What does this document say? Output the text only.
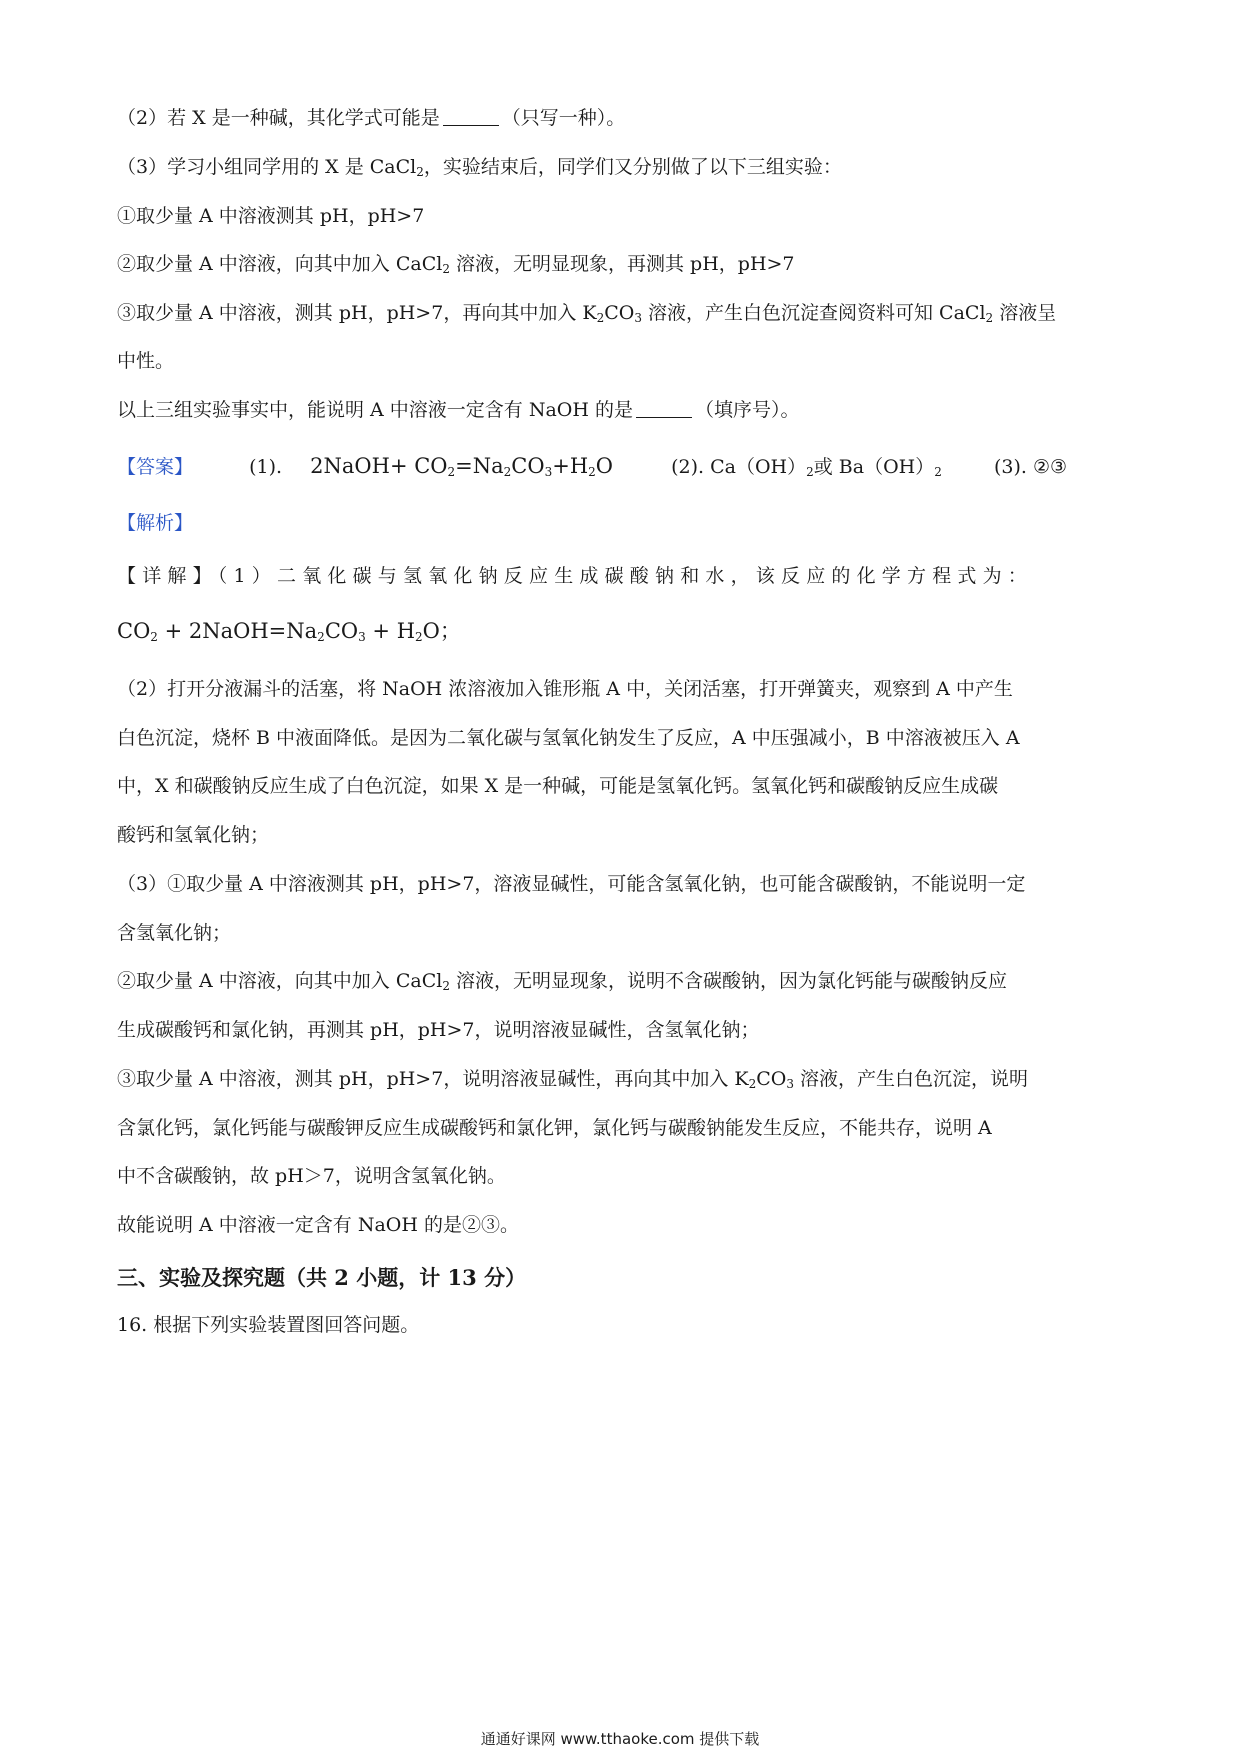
（2）若 X 是一种碱，其化学式可能是	（只写一种）。
（3）学习小组同学用的 X 是 CaCl$_2$，实验结束后，同学们又分别做了以下三组实验：
①取少量 A 中溶液测其 pH，pH>7
②取少量 A 中溶液，向其中加入 CaCl$_2$ 溶液，无明显现象，再测其 pH，pH>7
③取少量 A 中溶液，测其 pH，pH>7，再向其中加入 $K_2CO_3$ 溶液，产生白色沉淀查阅资料可知 CaCl$_2$ 溶液呈
中性。
以上三组实验事实中，能说明 A 中溶液一定含有 NaOH 的是	（填序号）。
【答案】	(1). 2NaOH+ $CO_2=Na_2CO_3+H_2O$	(2). $Ca(OH)_2$或 $Ba(OH)_2$	(3). ②③
【解析】
【详解】（1）二氧化碳与氢氧化钠反应生成碳酸钠和水，该反应的化学方程式为：
$CO_2$ + $2NaOH=Na_2CO_3 + H_2O$；
（2）打开分液漏斗的活塞，将 NaOH 浓溶液加入锥形瓶 A 中，关闭活塞，打开弹簧夹，观察到 A 中产生
白色沉淀，烧杯 B 中液面降低。是因为二氧化碳与氢氧化钠发生了反应，A 中压强减小，B 中溶液被压入 A
中，X 和碳酸钠反应生成了白色沉淀，如果 X 是一种碱，可能是氢氧化钙。氢氧化钙和碳酸钠反应生成碳
酸钙和氢氧化钠；
（3）①取少量 A 中溶液测其 pH，pH>7，溶液显碱性，可能含氢氧化钠，也可能含碳酸钠，不能说明一定
含氢氧化钠；
②取少量 A 中溶液，向其中加入 CaCl$_2$ 溶液，无明显现象，说明不含碳酸钠，因为氯化钙能与碳酸钠反应
生成碳酸钙和氯化钠，再测其 pH，pH>7，说明溶液显碱性，含氢氧化钠；
③取少量 A 中溶液，测其 pH，pH>7，说明溶液显碱性，再向其中加入 $K_2CO_3$ 溶液，产生白色沉淀，说明
含氯化钙，氯化钙能与碳酸钾反应生成碳酸钙和氯化钾，氯化钙与碳酸钠能发生反应，不能共存，说明 A
中不含碳酸钠，故 pH＞7，说明含氢氧化钠。
故能说明 A 中溶液一定含有 NaOH 的是②③。
三、实验及探究题（共 2 小题，计 13 分）
16. 根据下列实验装置图回答问题。
通通好课网 www.tthaoke.com 提供下载
